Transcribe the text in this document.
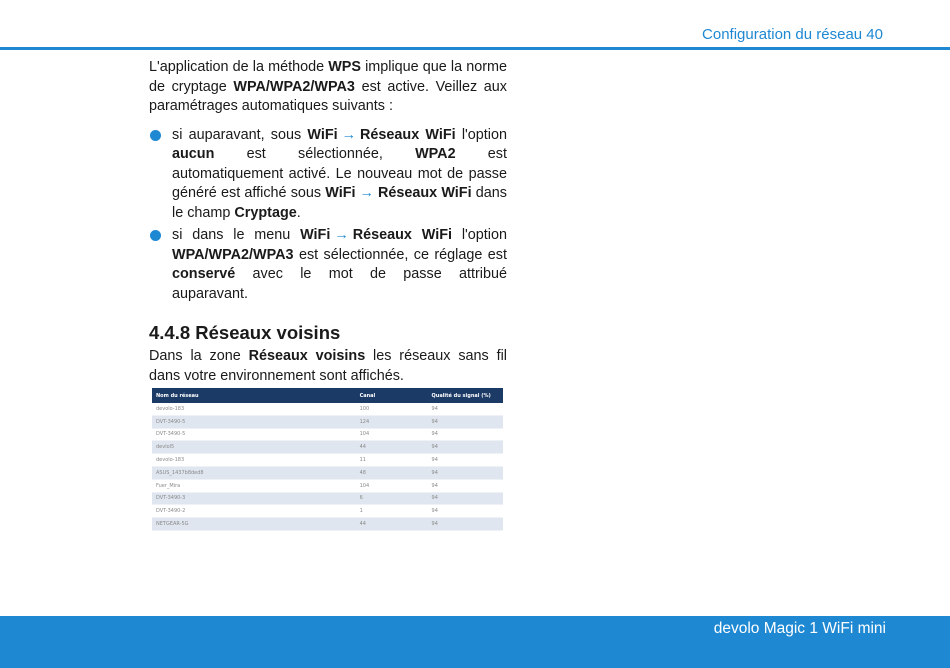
Configuration du réseau 40

L'application de la méthode WPS implique que la norme de cryptage WPA/WPA2/WPA3 est active. Veillez aux paramétrages automatiques suivants :

si auparavant, sous WiFi → Réseaux WiFi l'option aucun est sélectionnée, WPA2 est automatiquement activé. Le nouveau mot de passe généré est affiché sous WiFi → Réseaux WiFi dans le champ Cryptage.
si dans le menu WiFi → Réseaux WiFi l'option WPA/WPA2/WPA3 est sélectionnée, ce réglage est conservé avec le mot de passe attribué auparavant.
4.4.8 Réseaux voisins

Dans la zone Réseaux voisins les réseaux sans fil dans votre environnement sont affichés.

Nom du réseau	Canal	Qualité du signal (%)
devolo-183	100	94
DVT-3490-5	124	94
DVT-3490-5	104	94
devlol5	44	94
devolo-183	11	94
ASUS_1437b8ded8	48	94
Fuer_Mira	104	94
DVT-3490-3	6	94
DVT-3490-2	1	94
NETGEAR-5G	44	94
devolo Magic 1 WiFi mini
